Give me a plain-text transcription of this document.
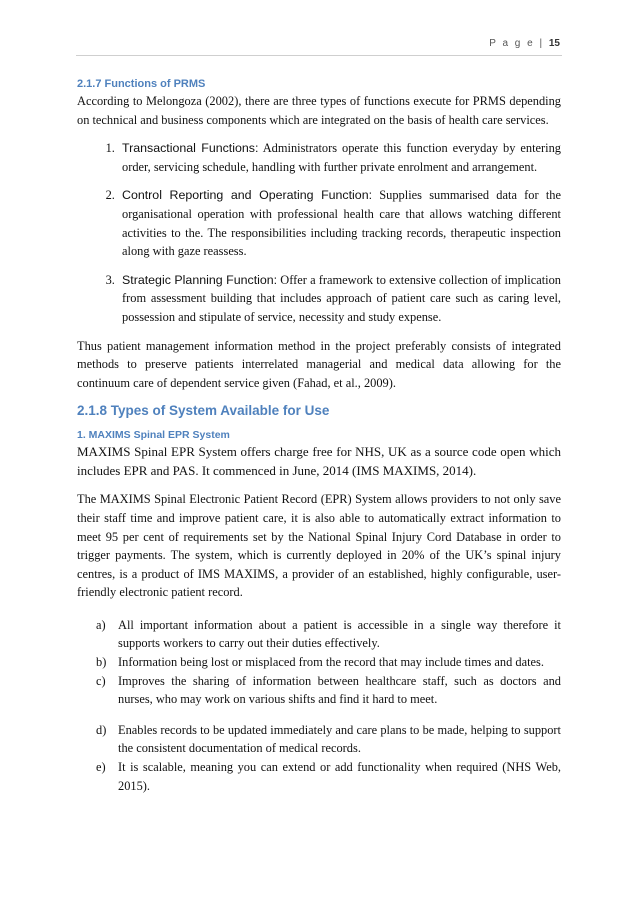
P a g e | 15
2.1.7 Functions of PRMS

According to Melongoza (2002), there are three types of functions execute for PRMS depending on technical and business components which are integrated on the basis of health care services.

1. Transactional Functions: Administrators operate this function everyday by entering order, servicing schedule, handling with further private enrolment and arrangement.
2. Control Reporting and Operating Function: Supplies summarised data for the organisational operation with professional health care that allows watching different activities to the. The responsibilities including tracking records, therapeutic inspection along with gaze reassess.
3. Strategic Planning Function: Offer a framework to extensive collection of implication from assessment building that includes approach of patient care such as caring level, possession and stipulate of service, necessity and study expense.

Thus patient management information method in the project preferably consists of integrated methods to preserve patients interrelated managerial and medical data allowing for the continuum care of dependent service given (Fahad, et al., 2009).

2.1.8 Types of System Available for Use
1. MAXIMS Spinal EPR System

MAXIMS Spinal EPR System offers charge free for NHS, UK as a source code open which includes EPR and PAS. It commenced in June, 2014 (IMS MAXIMS, 2014).

The MAXIMS Spinal Electronic Patient Record (EPR) System allows providers to not only save their staff time and improve patient care, it is also able to automatically extract information to meet 95 per cent of requirements set by the National Spinal Injury Cord Database in order to trigger payments. The system, which is currently deployed in 20% of the UK’s spinal injury centres, is a product of IMS MAXIMS, a provider of an established, highly configurable, user-friendly electronic patient record.

a) All important information about a patient is accessible in a single way therefore it supports workers to carry out their duties effectively.
b) Information being lost or misplaced from the record that may include times and dates.
c) Improves the sharing of information between healthcare staff, such as doctors and nurses, who may work on various shifts and find it hard to meet.
d) Enables records to be updated immediately and care plans to be made, helping to support the consistent documentation of medical records.
e) It is scalable, meaning you can extend or add functionality when required (NHS Web, 2015).
